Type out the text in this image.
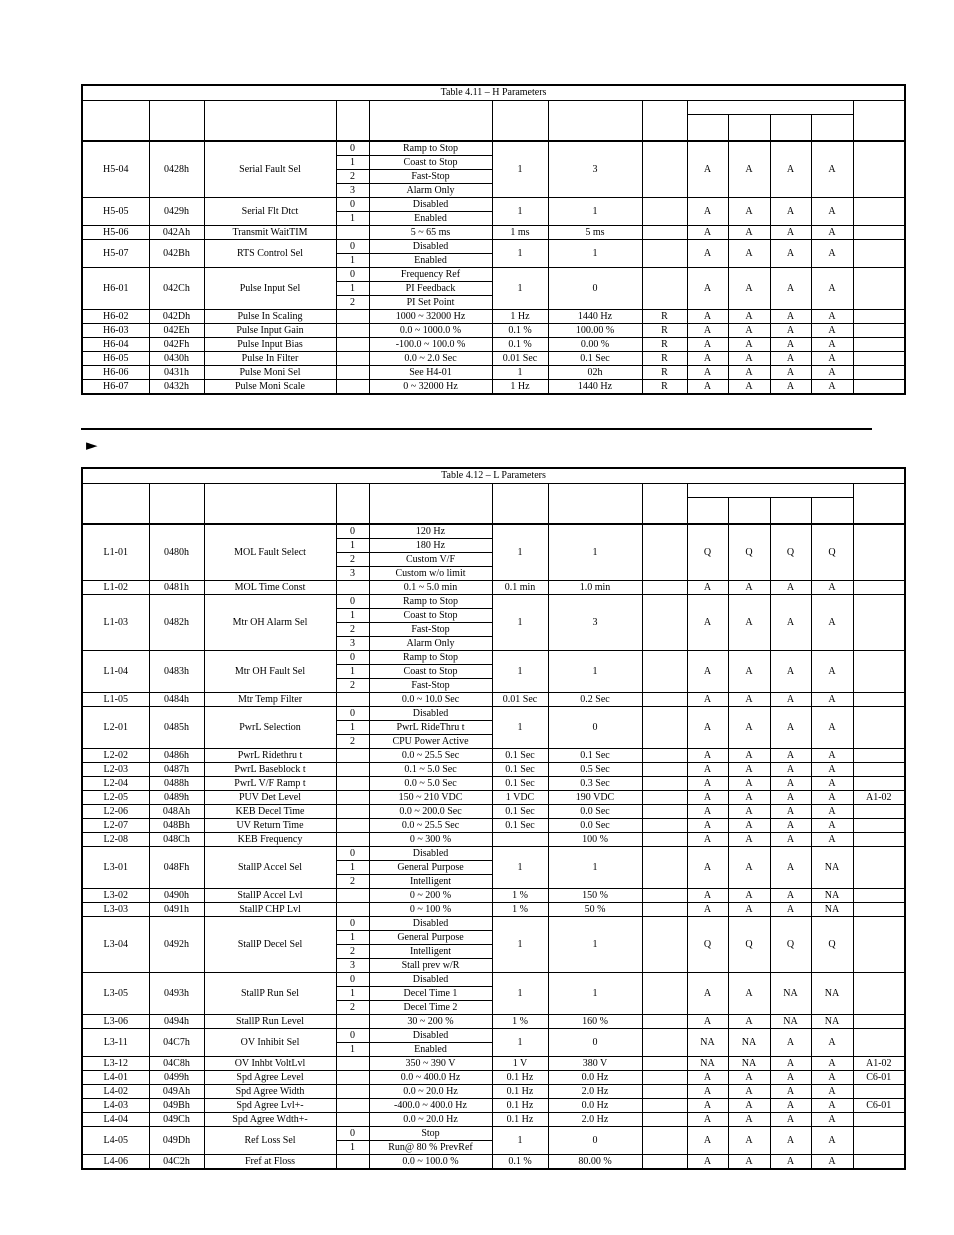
Table 4.11 – H Parameters
H5-04	0428h	Serial Fault Sel	0	Ramp to Stop	1	3		A	A	A	A	
			1	Coast to Stop								
			2	Fast-Stop								
			3	Alarm Only								
H5-05	0429h	Serial Flt Dtct	0	Disabled	1	1		A	A	A	A	
			1	Enabled								
H5-06	042Ah	Transmit WaitTIM		5 ~ 65 ms	1 ms	5 ms		A	A	A	A	
H5-07	042Bh	RTS Control Sel	0	Disabled	1	1		A	A	A	A	
			1	Enabled								
H6-01	042Ch	Pulse Input Sel	0	Frequency Ref	1	0		A	A	A	A	
			1	PI Feedback								
			2	PI Set Point								
H6-02	042Dh	Pulse In Scaling		1000 ~ 32000 Hz	1 Hz	1440 Hz	R	A	A	A	A	
H6-03	042Eh	Pulse Input Gain		0.0 ~ 1000.0 %	0.1 %	100.00 %	R	A	A	A	A	
H6-04	042Fh	Pulse Input Bias		-100.0 ~ 100.0 %	0.1 %	0.00 %	R	A	A	A	A	
H6-05	0430h	Pulse In Filter		0.0 ~ 2.0 Sec	0.01 Sec	0.1 Sec	R	A	A	A	A	
H6-06	0431h	Pulse Moni Sel		See H4-01	1	02h	R	A	A	A	A	
H6-07	0432h	Pulse Moni Scale		0 ~ 32000 Hz	1 Hz	1440 Hz	R	A	A	A	A	
►
Table 4.12 – L Parameters
L1-01	0480h	MOL Fault Select	0	120 Hz	1	1		Q	Q	Q	Q	
			1	180 Hz								
			2	Custom V/F								
			3	Custom w/o limit								
L1-02	0481h	MOL Time Const		0.1 ~ 5.0 min	0.1 min	1.0 min		A	A	A	A	
L1-03	0482h	Mtr OH Alarm Sel	0	Ramp to Stop	1	3		A	A	A	A	
			1	Coast to Stop								
			2	Fast-Stop								
			3	Alarm Only								
L1-04	0483h	Mtr OH Fault Sel	0	Ramp to Stop	1	1		A	A	A	A	
			1	Coast to Stop								
			2	Fast-Stop								
L1-05	0484h	Mtr Temp Filter		0.0 ~ 10.0 Sec	0.01 Sec	0.2 Sec		A	A	A	A	
L2-01	0485h	PwrL Selection	0	Disabled	1	0		A	A	A	A	
			1	PwrL RideThru t								
			2	CPU Power Active								
L2-02	0486h	PwrL Ridethru t		0.0 ~ 25.5 Sec	0.1 Sec	0.1 Sec		A	A	A	A	
L2-03	0487h	PwrL Baseblock t		0.1 ~ 5.0 Sec	0.1 Sec	0.5 Sec		A	A	A	A	
L2-04	0488h	PwrL V/F Ramp t		0.0 ~ 5.0 Sec	0.1 Sec	0.3 Sec		A	A	A	A	
L2-05	0489h	PUV Det Level		150 ~ 210 VDC	1 VDC	190 VDC		A	A	A	A	A1-02
L2-06	048Ah	KEB Decel Time		0.0 ~ 200.0 Sec	0.1 Sec	0.0 Sec		A	A	A	A	
L2-07	048Bh	UV Return Time		0.0 ~ 25.5 Sec	0.1 Sec	0.0 Sec		A	A	A	A	
L2-08	048Ch	KEB Frequency		0 ~ 300 %		100 %		A	A	A	A	
L3-01	048Fh	StallP Accel Sel	0	Disabled	1	1		A	A	A	NA	
			1	General Purpose								
			2	Intelligent								
L3-02	0490h	StallP Accel Lvl		0 ~ 200 %	1 %	150 %		A	A	A	NA	
L3-03	0491h	StallP CHP Lvl		0 ~ 100 %	1 %	50 %		A	A	A	NA	
L3-04	0492h	StallP Decel Sel	0	Disabled	1	1		Q	Q	Q	Q	
			1	General Purpose								
			2	Intelligent								
			3	Stall prev w/R								
L3-05	0493h	StallP Run Sel	0	Disabled	1	1		A	A	NA	NA	
			1	Decel Time 1								
			2	Decel Time 2								
L3-06	0494h	StallP Run Level		30 ~ 200 %	1 %	160 %		A	A	NA	NA	
L3-11	04C7h	OV Inhibit Sel	0	Disabled	1	0		NA	NA	A	A	
			1	Enabled								
L3-12	04C8h	OV Inhbt VoltLvl		350 ~ 390 V	1 V	380 V		NA	NA	A	A	A1-02
L4-01	0499h	Spd Agree Level		0.0 ~ 400.0 Hz	0.1 Hz	0.0 Hz		A	A	A	A	C6-01
L4-02	049Ah	Spd Agree Width		0.0 ~ 20.0 Hz	0.1 Hz	2.0 Hz		A	A	A	A	
L4-03	049Bh	Spd Agree Lvl+-		-400.0 ~ 400.0 Hz	0.1 Hz	0.0 Hz		A	A	A	A	C6-01
L4-04	049Ch	Spd Agree Wdth+-		0.0 ~ 20.0 Hz	0.1 Hz	2.0 Hz		A	A	A	A	
L4-05	049Dh	Ref Loss Sel	0	Stop	1	0		A	A	A	A	
			1	Run@ 80 % PrevRef								
L4-06	04C2h	Fref at Floss		0.0 ~ 100.0 %	0.1 %	80.00 %		A	A	A	A	
